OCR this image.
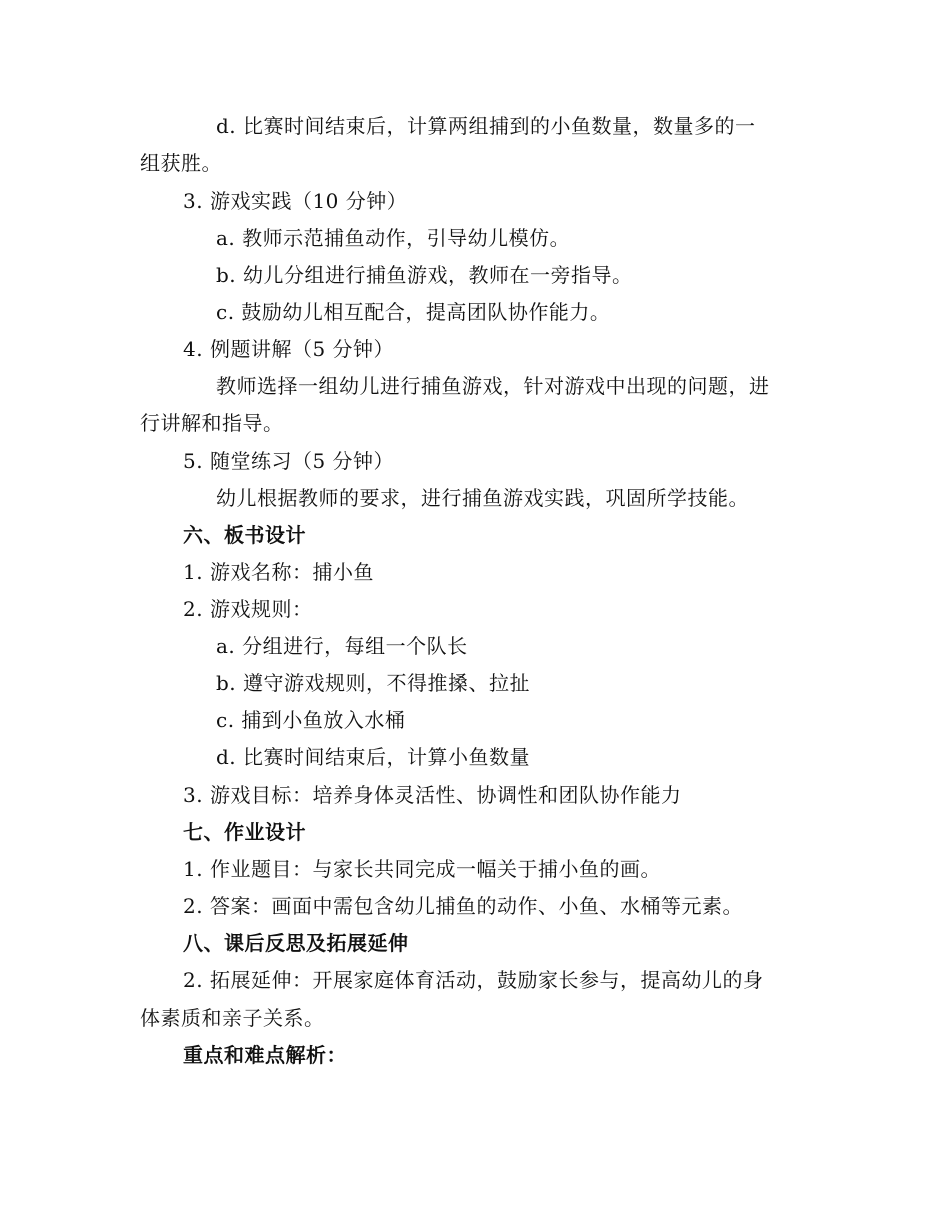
d. 比赛时间结束后，计算两组捕到的小鱼数量，数量多的一
组获胜。
3. 游戏实践（10 分钟）
a. 教师示范捕鱼动作，引导幼儿模仿。
b. 幼儿分组进行捕鱼游戏，教师在一旁指导。
c. 鼓励幼儿相互配合，提高团队协作能力。
4. 例题讲解（5 分钟）
教师选择一组幼儿进行捕鱼游戏，针对游戏中出现的问题，进
行讲解和指导。
5. 随堂练习（5 分钟）
幼儿根据教师的要求，进行捕鱼游戏实践，巩固所学技能。
六、板书设计
1. 游戏名称：捕小鱼
2. 游戏规则：
a. 分组进行，每组一个队长
b. 遵守游戏规则，不得推搡、拉扯
c. 捕到小鱼放入水桶
d. 比赛时间结束后，计算小鱼数量
3. 游戏目标：培养身体灵活性、协调性和团队协作能力
七、作业设计
1. 作业题目：与家长共同完成一幅关于捕小鱼的画。
2. 答案：画面中需包含幼儿捕鱼的动作、小鱼、水桶等元素。
八、课后反思及拓展延伸
2. 拓展延伸：开展家庭体育活动，鼓励家长参与，提高幼儿的身
体素质和亲子关系。
重点和难点解析：
